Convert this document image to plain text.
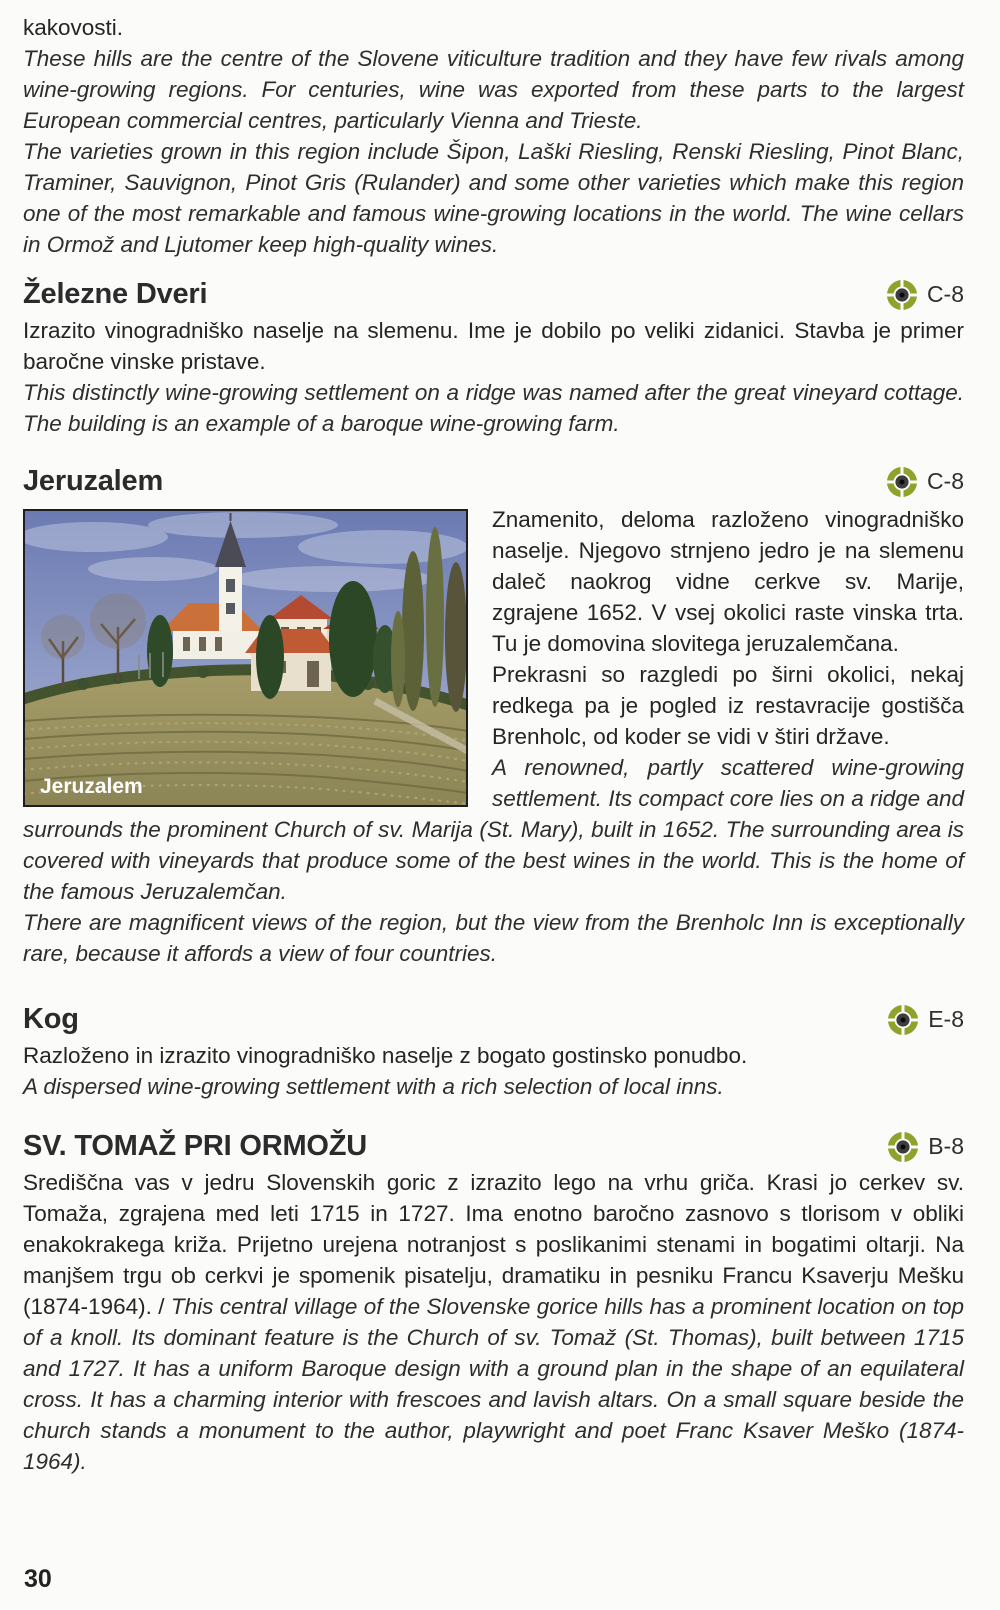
kakovosti.

These hills are the centre of the Slovene viticulture tradition and they have few rivals among wine-growing regions. For centuries, wine was exported from these parts to the largest European commercial centres, particularly Vienna and Trieste.

The varieties grown in this region include Šipon, Laški Riesling, Renski Riesling, Pinot Blanc, Traminer, Sauvignon, Pinot Gris (Rulander) and some other varieties which make this region one of the most remarkable and famous wine-growing locations in the world. The wine cellars in Ormož and Ljutomer keep high-quality wines.

Železne Dveri	C-8

Izrazito vinogradniško naselje na slemenu. Ime je dobilo po veliki zidanici. Stavba je primer baročne vinske pristave.

This distinctly wine-growing settlement on a ridge was named after the great vineyard cottage. The building is an example of a baroque wine-growing farm.

Jeruzalem	C-8
Jeruzalem

Znamenito, deloma razloženo vinogradniško naselje. Njegovo strnjeno jedro je na slemenu daleč naokrog vidne cerkve sv. Marije, zgrajene 1652. V vsej okolici raste vinska trta. Tu je domovina slovitega jeruzalemčana.

Prekrasni so razgledi po širni okolici, nekaj redkega pa je pogled iz restavracije gostišča Brenholc, od koder se vidi v štiri države.

A renowned, partly scattered wine-growing settlement. Its compact core lies on a ridge and surrounds the prominent Church of sv. Marija (St. Mary), built in 1652. The surrounding area is covered with vineyards that produce some of the best wines in the world. This is the home of the famous Jeruzalemčan.

There are magnificent views of the region, but the view from the Brenholc Inn is exceptionally rare, because it affords a view of four countries.

Kog	E-8

Razloženo in izrazito vinogradniško naselje z bogato gostinsko ponudbo.

A dispersed wine-growing settlement with a rich selection of local inns.

SV. TOMAŽ PRI ORMOŽU	B-8

Središčna vas v jedru Slovenskih goric z izrazito lego na vrhu griča. Krasi jo cerkev sv. Tomaža, zgrajena med leti 1715 in 1727. Ima enotno baročno zasnovo s tlorisom v obliki enakokrakega križa. Prijetno urejena notranjost s poslikanimi stenami in bogatimi oltarji. Na manjšem trgu ob cerkvi je spomenik pisatelju, dramatiku in pesniku Francu Ksaverju Mešku (1874-1964). / This central village of the Slovenske gorice hills has a prominent location on top of a knoll. Its dominant feature is the Church of sv. Tomaž (St. Thomas), built between 1715 and 1727. It has a uniform Baroque design with a ground plan in the shape of an equilateral cross. It has a charming interior with frescoes and lavish altars. On a small square beside the church stands a monument to the author, playwright and poet Franc Ksaver Meško (1874-1964).

30
